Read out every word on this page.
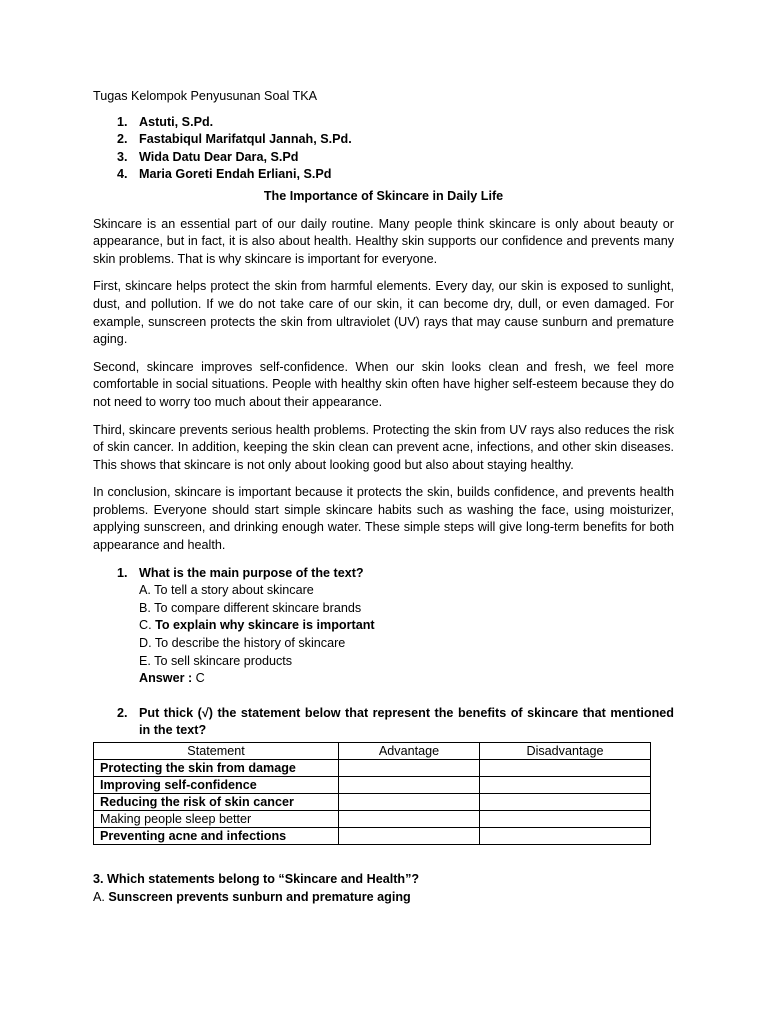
Tugas Kelompok Penyusunan Soal TKA
1. Astuti, S.Pd.
2. Fastabiqul Marifatqul Jannah, S.Pd.
3. Wida Datu Dear Dara, S.Pd
4. Maria Goreti Endah Erliani, S.Pd
The Importance of Skincare in Daily Life

Skincare is an essential part of our daily routine. Many people think skincare is only about beauty or appearance, but in fact, it is also about health. Healthy skin supports our confidence and prevents many skin problems. That is why skincare is important for everyone.

First, skincare helps protect the skin from harmful elements. Every day, our skin is exposed to sunlight, dust, and pollution. If we do not take care of our skin, it can become dry, dull, or even damaged. For example, sunscreen protects the skin from ultraviolet (UV) rays that may cause sunburn and premature aging.

Second, skincare improves self-confidence. When our skin looks clean and fresh, we feel more comfortable in social situations. People with healthy skin often have higher self-esteem because they do not need to worry too much about their appearance.

Third, skincare prevents serious health problems. Protecting the skin from UV rays also reduces the risk of skin cancer. In addition, keeping the skin clean can prevent acne, infections, and other skin diseases. This shows that skincare is not only about looking good but also about staying healthy.

In conclusion, skincare is important because it protects the skin, builds confidence, and prevents health problems. Everyone should start simple skincare habits such as washing the face, using moisturizer, applying sunscreen, and drinking enough water. These simple steps will give long-term benefits for both appearance and health.

1. What is the main purpose of the text?
A. To tell a story about skincare
B. To compare different skincare brands
C. To explain why skincare is important
D. To describe the history of skincare
E. To sell skincare products
Answer : C
2. Put thick (√) the statement below that represent the benefits of skincare that mentioned in the text?
Statement	Advantage	Disadvantage
Protecting the skin from damage		
Improving self-confidence		
Reducing the risk of skin cancer		
Making people sleep better		
Preventing acne and infections		
3. Which statements belong to “Skincare and Health”?
A. Sunscreen prevents sunburn and premature aging
